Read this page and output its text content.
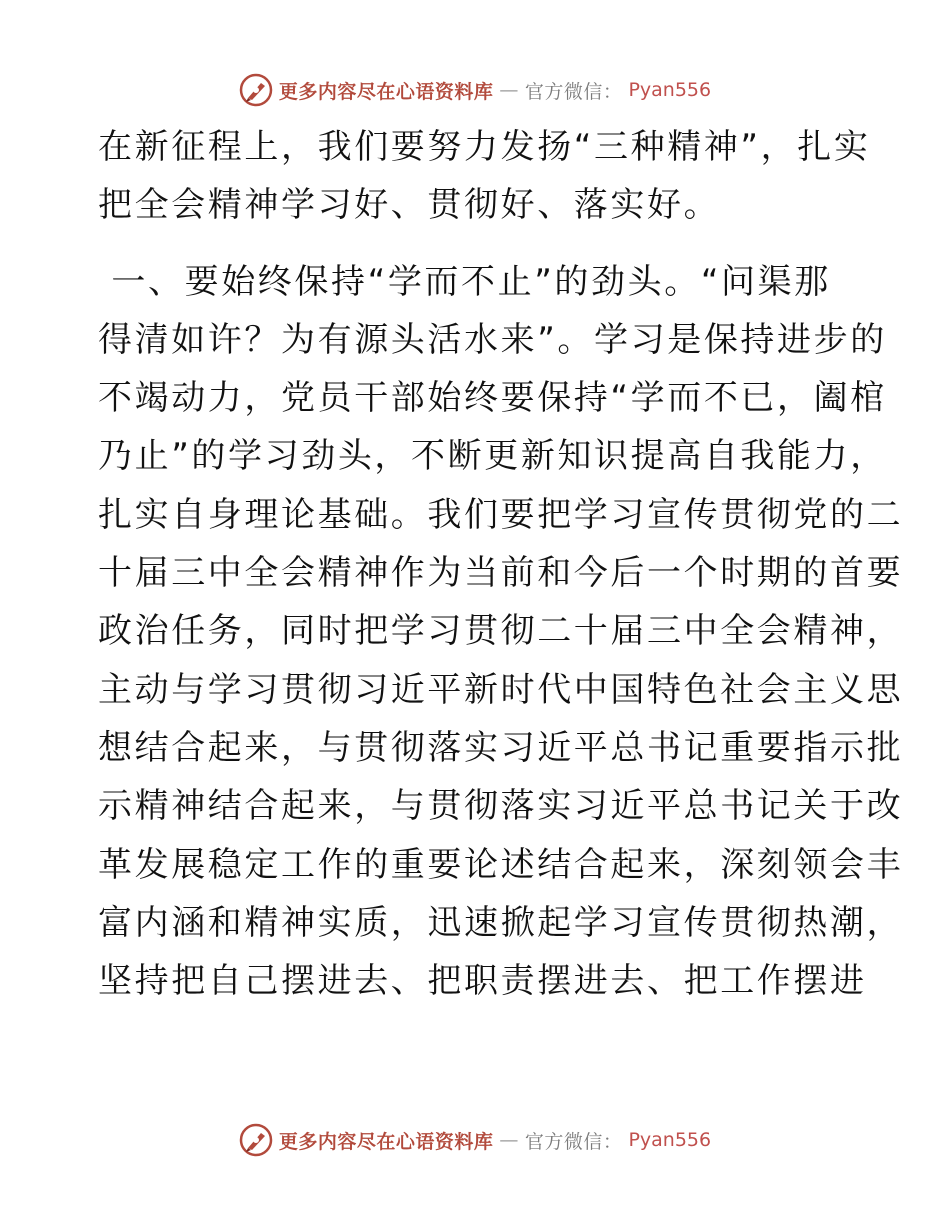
更多内容尽在心语资料库 — 官方微信： Pyan556

在新征程上，我们要努力发扬“三种精神”，扎实
把全会精神学习好、贯彻好、落实好。

一、要始终保持“学而不止”的劲头。“问渠那
得清如许？为有源头活水来”。学习是保持进步的
不竭动力，党员干部始终要保持“学而不已，阖棺
乃止”的学习劲头，不断更新知识提高自我能力，
扎实自身理论基础。我们要把学习宣传贯彻党的二
十届三中全会精神作为当前和今后一个时期的首要
政治任务，同时把学习贯彻二十届三中全会精神，
主动与学习贯彻习近平新时代中国特色社会主义思
想结合起来，与贯彻落实习近平总书记重要指示批
示精神结合起来，与贯彻落实习近平总书记关于改
革发展稳定工作的重要论述结合起来，深刻领会丰
富内涵和精神实质，迅速掀起学习宣传贯彻热潮，
坚持把自己摆进去、把职责摆进去、把工作摆进

更多内容尽在心语资料库 — 官方微信： Pyan556
